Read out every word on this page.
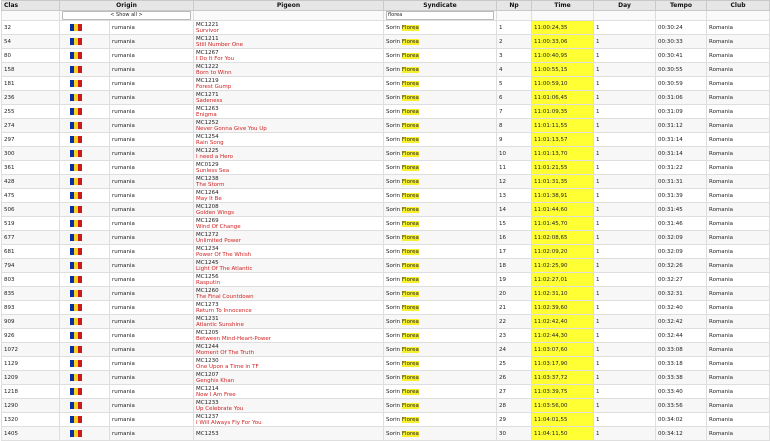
Clas	Origin		Pigeon	Syndicate	Np	Time	Day	Tempo	Club

	< Show all >			florea					

32		rumania	MC1221
Survivor	Sorin Florea	1	11:00:24,35	1	00:30:24	Romania
54		rumania	MC1211
Still Number One	Sorin Florea	2	11:00:33,06	1	00:30:33	Romania
80		rumania	MC1267
I Do It For You	Sorin Florea	3	11:00:40,95	1	00:30:41	Romania
158		rumania	MC1222
Born to Winn	Sorin Florea	4	11:00:55,15	1	00:30:55	Romania
181		rumania	MC1219
Forest Gump	Sorin Florea	5	11:00:59,10	1	00:30:59	Romania
236		rumania	MC1271
Sadeness	Sorin Florea	6	11:01:06,45	1	00:31:06	Romania
255		rumania	MC1263
Enigma	Sorin Florea	7	11:01:09,35	1	00:31:09	Romania
274		rumania	MC1252
Never Gonna Give You Up	Sorin Florea	8	11:01:11,55	1	00:31:12	Romania
297		rumania	MC1254
Rain Song	Sorin Florea	9	11:01:13,57	1	00:31:14	Romania
300		rumania	MC1225
I need a Hero	Sorin Florea	10	11:01:13,70	1	00:31:14	Romania
361		rumania	MC0129
Sunless Sea	Sorin Florea	11	11:01:21,55	1	00:31:22	Romania
428		rumania	MC1238
The Storm	Sorin Florea	12	11:01:31,35	1	00:31:31	Romania
475		rumania	MC1264
May It Be	Sorin Florea	13	11:01:38,91	1	00:31:39	Romania
506		rumania	MC1208
Golden Wings	Sorin Florea	14	11:01:44,60	1	00:31:45	Romania
519		rumania	MC1269
Wind Of Change	Sorin Florea	15	11:01:45,70	1	00:31:46	Romania
677		rumania	MC1272
Unlimited Power	Sorin Florea	16	11:02:08,65	1	00:32:09	Romania
681		rumania	MC1234
Power Of The Whish	Sorin Florea	17	11:02:09,20	1	00:32:09	Romania
794		rumania	MC1245
Light Of The Atlantic	Sorin Florea	18	11:02:25,90	1	00:32:26	Romania
803		rumania	MC1256
Rasputin	Sorin Florea	19	11:02:27,01	1	00:32:27	Romania
835		rumania	MC1260
The Final Countdown	Sorin Florea	20	11:02:31,10	1	00:32:31	Romania
893		rumania	MC1273
Return To Innocence	Sorin Florea	21	11:02:39,60	1	00:32:40	Romania
909		rumania	MC1231
Atlantic Sunshine	Sorin Florea	22	11:02:42,40	1	00:32:42	Romania
926		rumania	MC1205
Between Mind-Heart-Power	Sorin Florea	23	11:02:44,30	1	00:32:44	Romania
1072		rumania	MC1244
Moment Of The Truth	Sorin Florea	24	11:03:07,60	1	00:33:08	Romania
1129		rumania	MC1230
One Upon a Time in TF	Sorin Florea	25	11:03:17,90	1	00:33:18	Romania
1209		rumania	MC1207
Genghis Khan	Sorin Florea	26	11:03:37,72	1	00:33:38	Romania
1218		rumania	MC1214
Now I Am Free	Sorin Florea	27	11:03:39,75	1	00:33:40	Romania
1290		rumania	MC1233
Up Celebrate You	Sorin Florea	28	11:03:56,00	1	00:33:56	Romania
1320		rumania	MC1237
I Will Always Fly For You	Sorin Florea	29	11:04:01,55	1	00:34:02	Romania
1405		rumania	MC1253	Sorin Florea	30	11:04:11,50	1	00:34:12	Romania
